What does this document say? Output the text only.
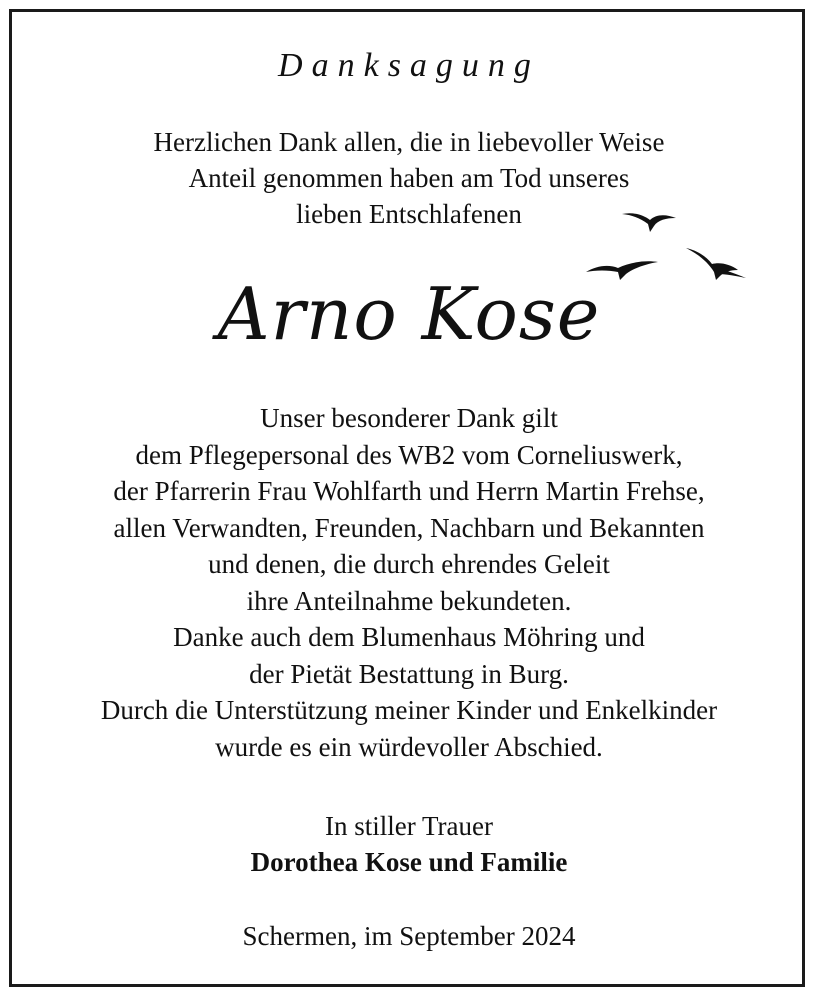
Danksagung
Herzlichen Dank allen, die in liebevoller Weise
Anteil genommen haben am Tod unseres
lieben Entschlafenen
Arno Kose
Unser besonderer Dank gilt
dem Pflegepersonal des WB2 vom Corneliuswerk,
der Pfarrerin Frau Wohlfarth und Herrn Martin Frehse,
allen Verwandten, Freunden, Nachbarn und Bekannten
und denen, die durch ehrendes Geleit
ihre Anteilnahme bekundeten.
Danke auch dem Blumenhaus Möhring und
der Pietät Bestattung in Burg.
Durch die Unterstützung meiner Kinder und Enkelkinder
wurde es ein würdevoller Abschied.
In stiller Trauer
Dorothea Kose und Familie
Schermen, im September 2024
